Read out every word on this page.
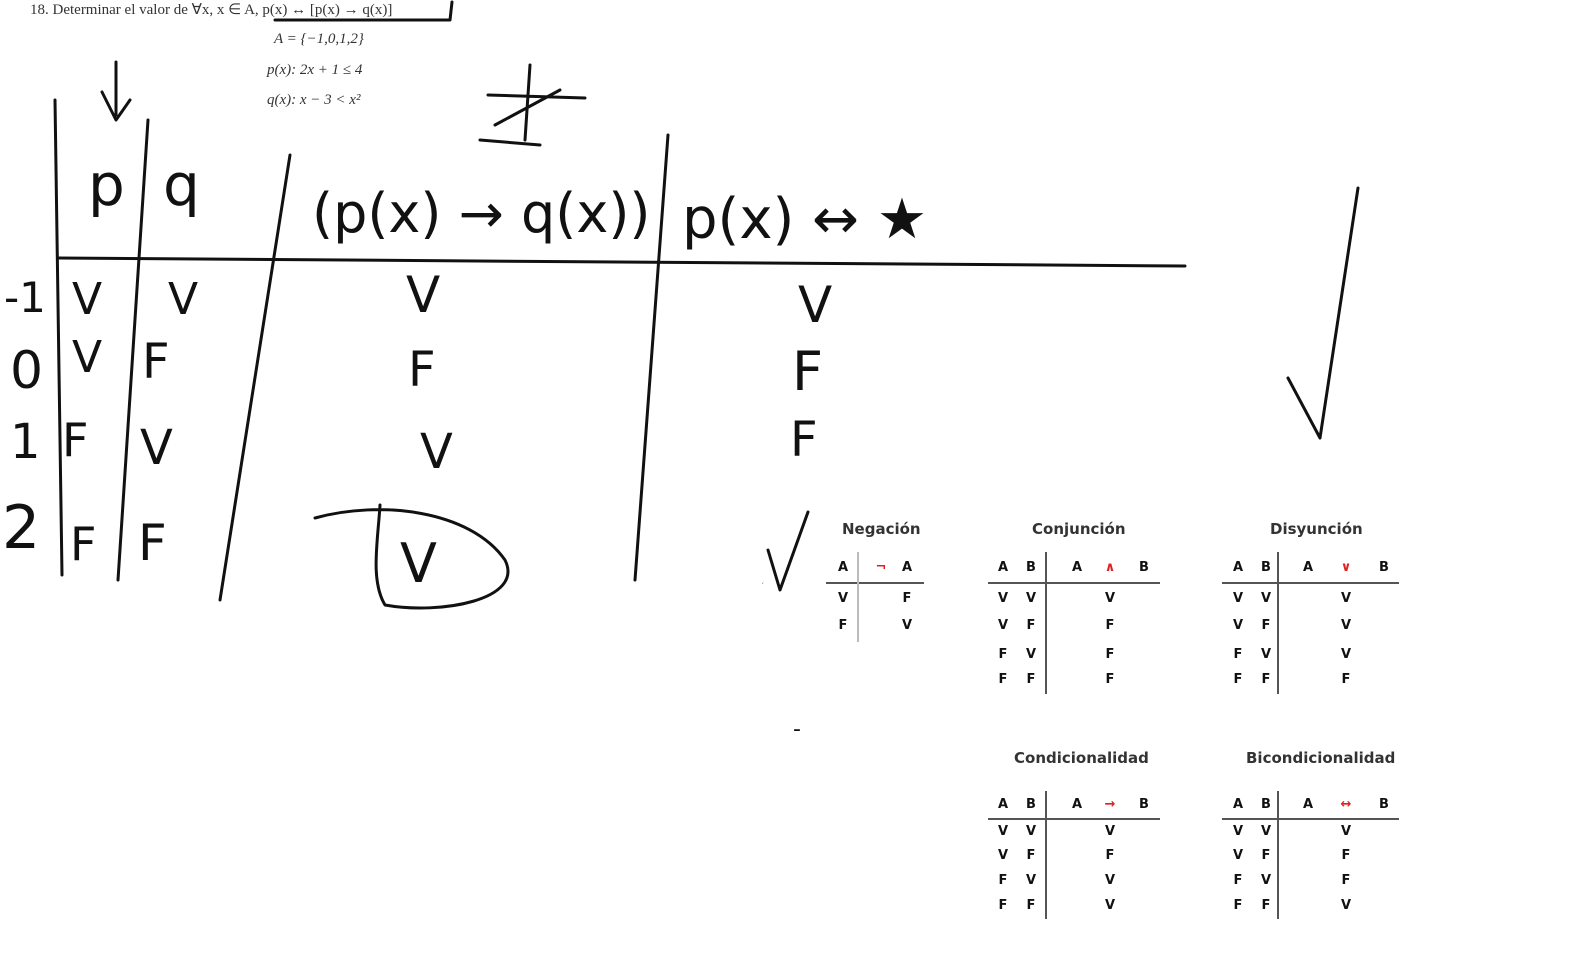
18. Determinar el valor de ∀x, x ∈ A, p(x) ↔ [p(x) → q(x)]
A = {−1,0,1,2}
p(x): 2x + 1 ≤ 4
q(x): x − 3 < x²
p q (p(x) → q(x)) p(x) ↔ ★
-1 V V	V	V
0 V F	F	F
1 F V	V	F
2 F F	V	V
-
Negación
A	¬	A
V	F
F	V
Conjunción
A	B	A	∧	B
V	V	V
V	F	F
F	V	F
F	F	F
Disyunción
A	B	A	∨	B
V	V	V
V	F	V
F	V	V
F	F	F
Condicionalidad
A	B	A	→	B
V	V	V
V	F	F
F	V	V
F	F	V
Bicondicionalidad
A	B	A	↔	B
V	V	V
V	F	F
F	V	F
F	F	V
